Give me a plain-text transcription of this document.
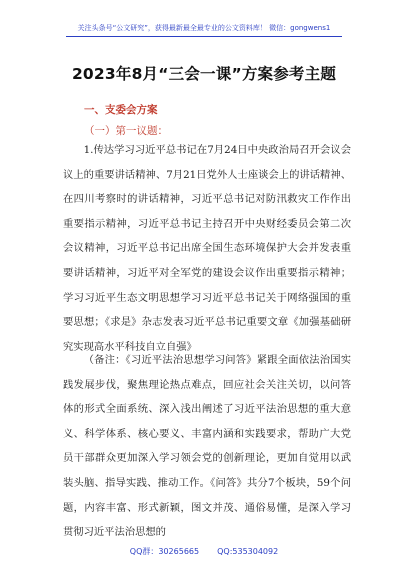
关注头条号“公文研究”，获得最新最全最专业的公文资料库！ 微信：gongwens1
2023年8月“三会一课”方案参考主题
一、支委会方案
（一）第一议题：

1.传达学习习近平总书记在7月24日中央政治局召开会议会议上的重要讲话精神、7月21日党外人士座谈会上的讲话精神、在四川考察时的讲话精神，习近平总书记对防汛救灾工作作出重要指示精神，习近平总书记主持召开中央财经委员会第二次会议精神，习近平总书记出席全国生态环境保护大会并发表重要讲话精神，习近平对全军党的建设会议作出重要指示精神；学习习近平生态文明思想学习习近平总书记关于网络强国的重要思想；《求是》杂志发表习近平总书记重要文章《加强基础研究实现高水平科技自立自强》

（备注：《习近平法治思想学习问答》紧跟全面依法治国实践发展步伐，聚焦理论热点难点，回应社会关注关切，以问答体的形式全面系统、深入浅出阐述了习近平法治思想的重大意义、科学体系、核心要义、丰富内涵和实践要求，帮助广大党员干部群众更加深入学习领会党的创新理论，更加自觉用以武装头脑、指导实践、推动工作。《问答》共分7个板块，59个问题，内容丰富、形式新颖，图文并茂、通俗易懂，是深入学习贯彻习近平法治思想的

QQ群：30265665 QQ:535304092
